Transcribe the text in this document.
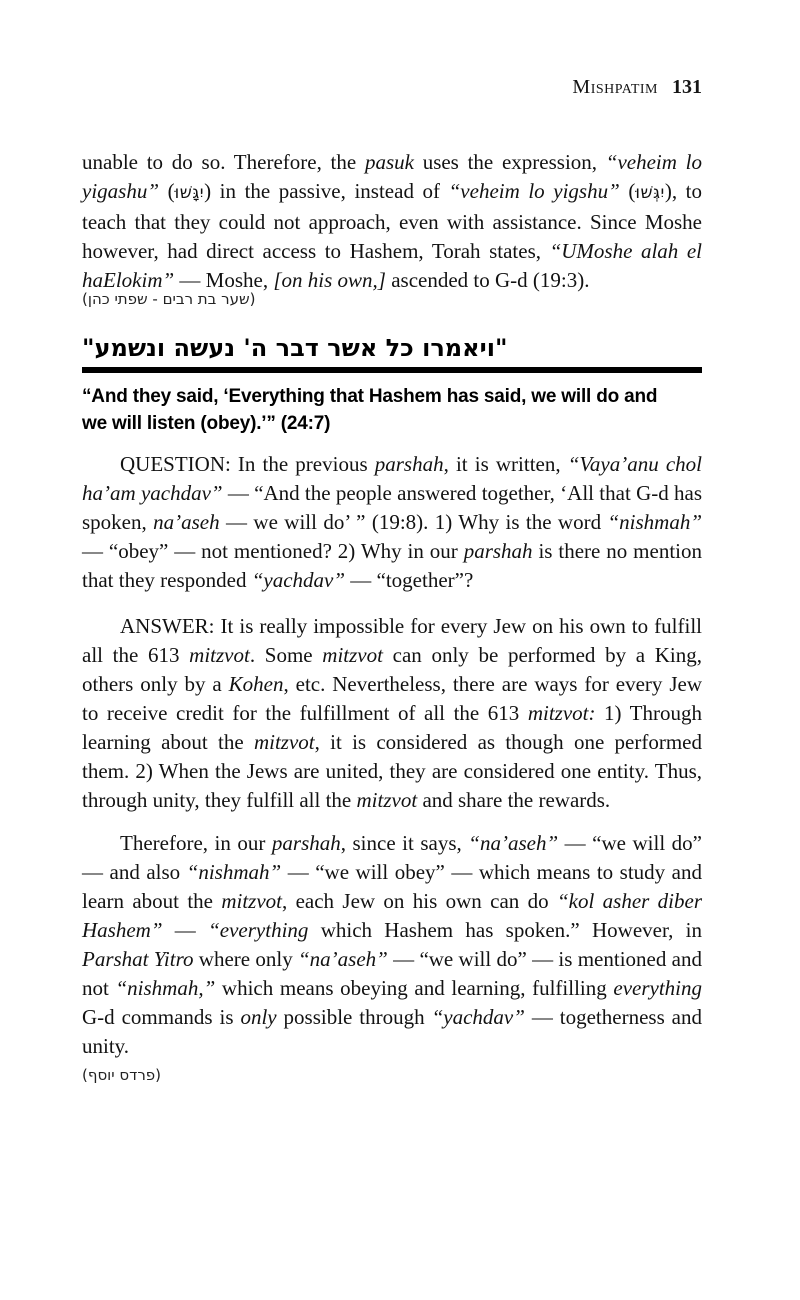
Mishpatim 131

unable to do so. Therefore, the pasuk uses the expression, “veheim lo yigashu” (יִגָּשׁוּ) in the passive, instead of “veheim lo yigshu” (יִגְּשׁוּ), to teach that they could not approach, even with assistance. Since Moshe however, had direct access to Hashem, Torah states, “UMoshe alah el haElokim” — Moshe, [on his own,] ascended to G-d (19:3).

(שער בת רבים - שפתי כהן)
"ויאמרו כל אשר דבר ה' נעשה ונשמע"
“And they said, ‘Everything that Hashem has said, we will do and we will listen (obey).’” (24:7)

QUESTION: In the previous parshah, it is written, “Vaya’anu chol ha’am yachdav” — “And the people answered together, ‘All that G-d has spoken, na’aseh — we will do’ ” (19:8). 1) Why is the word “nishmah” — “obey” — not mentioned? 2) Why in our parshah is there no mention that they responded “yachdav” — “together”?

ANSWER: It is really impossible for every Jew on his own to fulfill all the 613 mitzvot. Some mitzvot can only be performed by a King, others only by a Kohen, etc. Nevertheless, there are ways for every Jew to receive credit for the fulfillment of all the 613 mitzvot: 1) Through learning about the mitzvot, it is considered as though one performed them. 2) When the Jews are united, they are considered one entity. Thus, through unity, they fulfill all the mitzvot and share the rewards.

Therefore, in our parshah, since it says, “na’aseh” — “we will do” — and also “nishmah” — “we will obey” — which means to study and learn about the mitzvot, each Jew on his own can do “kol asher diber Hashem” — “everything which Hashem has spoken.” However, in Parshat Yitro where only “na’aseh” — “we will do” — is mentioned and not “nishmah,” which means obeying and learning, fulfilling everything G-d commands is only possible through “yachdav” — togetherness and unity.

(פרדס יוסף)
